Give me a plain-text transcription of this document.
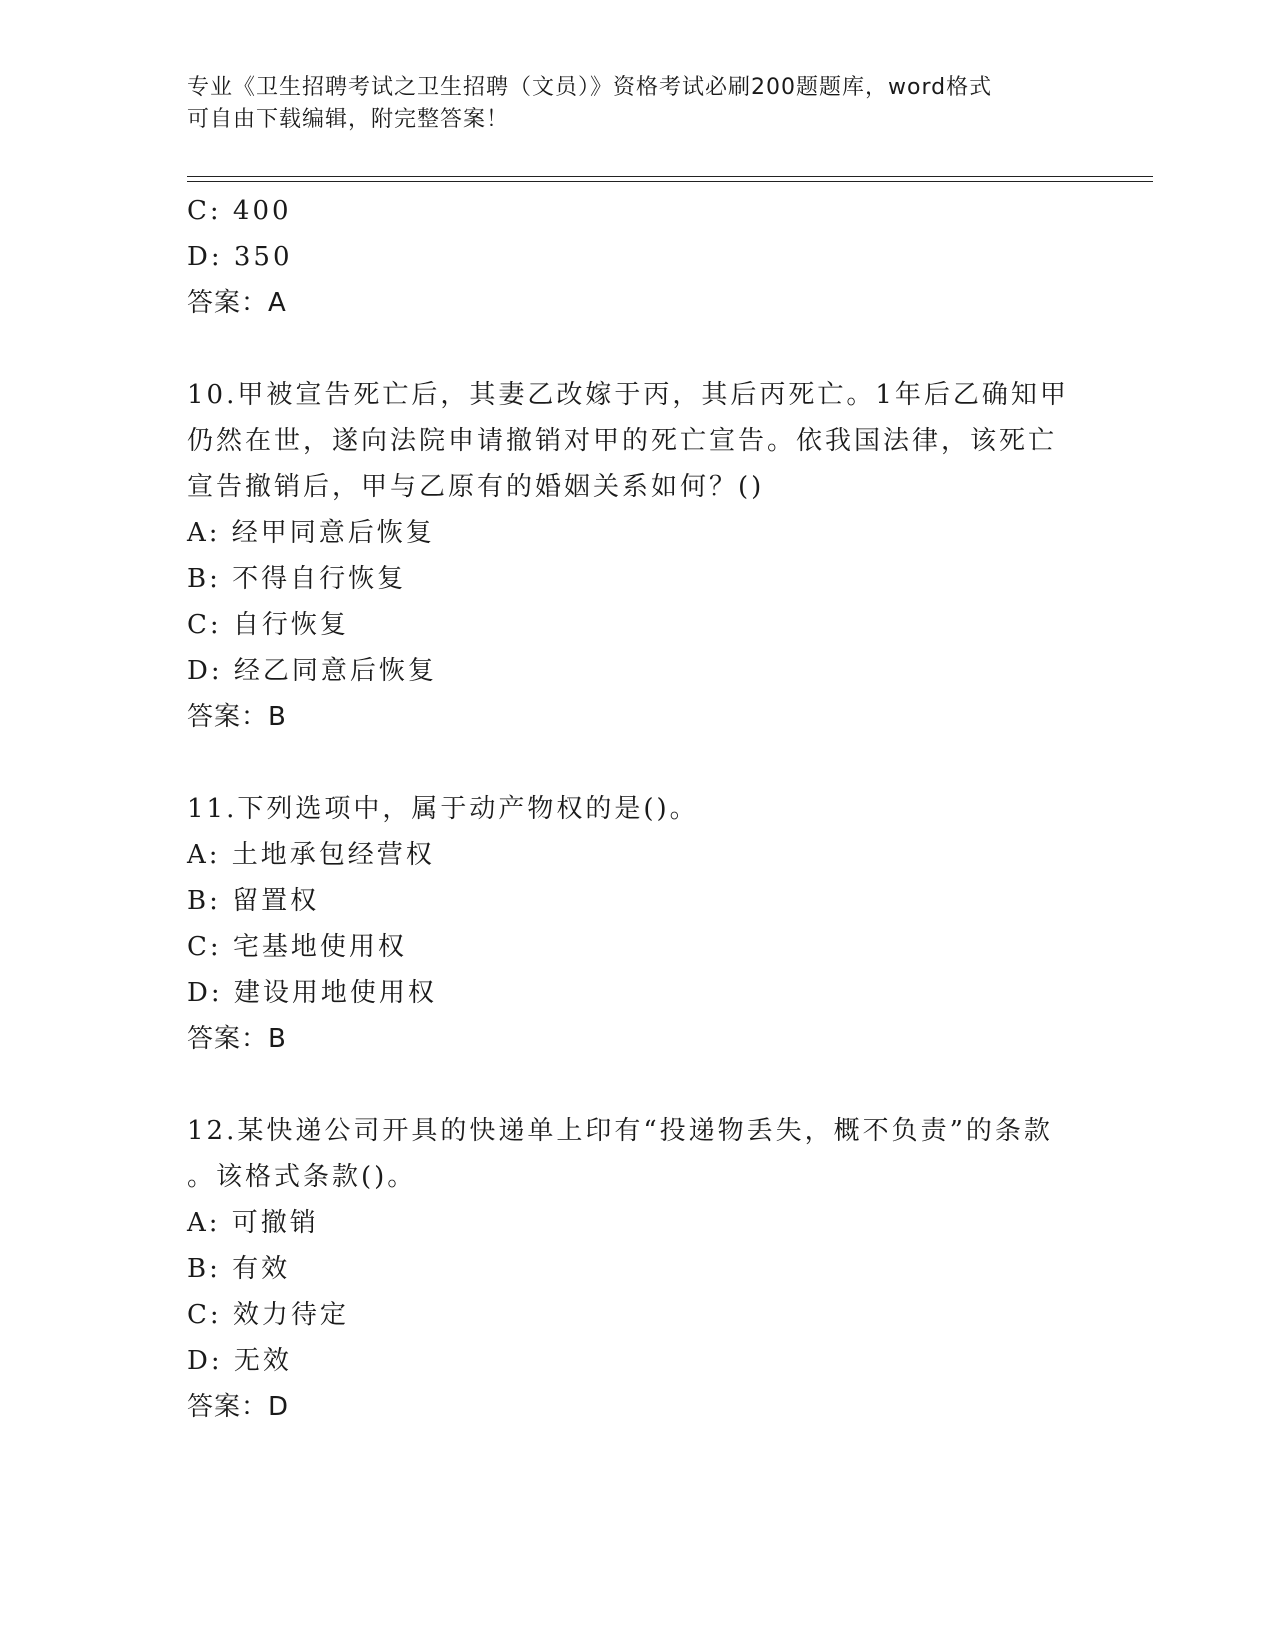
专业《卫生招聘考试之卫生招聘（文员）》资格考试必刷200题题库，word格式
可自由下载编辑，附完整答案！
C: 400
D: 350
答案：A
10.甲被宣告死亡后，其妻乙改嫁于丙，其后丙死亡。1年后乙确知甲
仍然在世，遂向法院申请撤销对甲的死亡宣告。依我国法律，该死亡
宣告撤销后，甲与乙原有的婚姻关系如何？()
A: 经甲同意后恢复
B: 不得自行恢复
C: 自行恢复
D: 经乙同意后恢复
答案：B
11.下列选项中，属于动产物权的是()。
A: 土地承包经营权
B: 留置权
C: 宅基地使用权
D: 建设用地使用权
答案：B
12.某快递公司开具的快递单上印有“投递物丢失，概不负责”的条款
。该格式条款()。
A: 可撤销
B: 有效
C: 效力待定
D: 无效
答案：D
